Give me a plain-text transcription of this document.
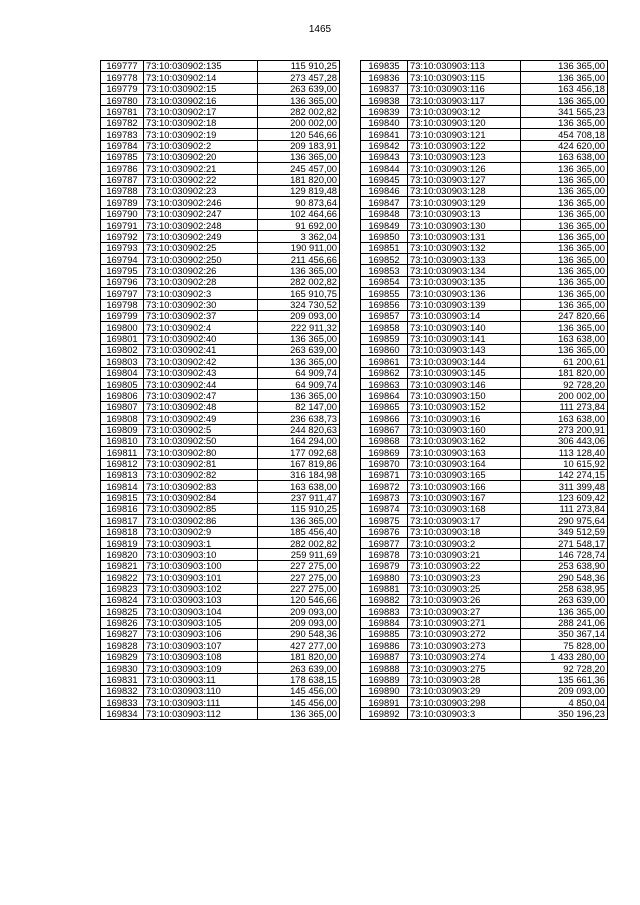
1465
169777	73:10:030902:135	115 910,25
169778	73:10:030902:14	273 457,28
169779	73:10:030902:15	263 639,00
169780	73:10:030902:16	136 365,00
169781	73:10:030902:17	282 002,82
169782	73:10:030902:18	200 002,00
169783	73:10:030902:19	120 546,66
169784	73:10:030902:2	209 183,91
169785	73:10:030902:20	136 365,00
169786	73:10:030902:21	245 457,00
169787	73:10:030902:22	181 820,00
169788	73:10:030902:23	129 819,48
169789	73:10:030902:246	90 873,64
169790	73:10:030902:247	102 464,66
169791	73:10:030902:248	91 692,00
169792	73:10:030902:249	3 362,04
169793	73:10:030902:25	190 911,00
169794	73:10:030902:250	211 456,66
169795	73:10:030902:26	136 365,00
169796	73:10:030902:28	282 002,82
169797	73:10:030902:3	165 910,75
169798	73:10:030902:30	324 730,52
169799	73:10:030902:37	209 093,00
169800	73:10:030902:4	222 911,32
169801	73:10:030902:40	136 365,00
169802	73:10:030902:41	263 639,00
169803	73:10:030902:42	136 365,00
169804	73:10:030902:43	64 909,74
169805	73:10:030902:44	64 909,74
169806	73:10:030902:47	136 365,00
169807	73:10:030902:48	82 147,00
169808	73:10:030902:49	236 638,73
169809	73:10:030902:5	244 820,63
169810	73:10:030902:50	164 294,00
169811	73:10:030902:80	177 092,68
169812	73:10:030902:81	167 819,86
169813	73:10:030902:82	316 184,98
169814	73:10:030902:83	163 638,00
169815	73:10:030902:84	237 911,47
169816	73:10:030902:85	115 910,25
169817	73:10:030902:86	136 365,00
169818	73:10:030902:9	185 456,40
169819	73:10:030903:1	282 002,82
169820	73:10:030903:10	259 911,69
169821	73:10:030903:100	227 275,00
169822	73:10:030903:101	227 275,00
169823	73:10:030903:102	227 275,00
169824	73:10:030903:103	120 546,66
169825	73:10:030903:104	209 093,00
169826	73:10:030903:105	209 093,00
169827	73:10:030903:106	290 548,36
169828	73:10:030903:107	427 277,00
169829	73:10:030903:108	181 820,00
169830	73:10:030903:109	263 639,00
169831	73:10:030903:11	178 638,15
169832	73:10:030903:110	145 456,00
169833	73:10:030903:111	145 456,00
169834	73:10:030903:112	136 365,00
169835	73:10:030903:113	136 365,00
169836	73:10:030903:115	136 365,00
169837	73:10:030903:116	163 456,18
169838	73:10:030903:117	136 365,00
169839	73:10:030903:12	341 565,23
169840	73:10:030903:120	136 365,00
169841	73:10:030903:121	454 708,18
169842	73:10:030903:122	424 620,00
169843	73:10:030903:123	163 638,00
169844	73:10:030903:126	136 365,00
169845	73:10:030903:127	136 365,00
169846	73:10:030903:128	136 365,00
169847	73:10:030903:129	136 365,00
169848	73:10:030903:13	136 365,00
169849	73:10:030903:130	136 365,00
169850	73:10:030903:131	136 365,00
169851	73:10:030903:132	136 365,00
169852	73:10:030903:133	136 365,00
169853	73:10:030903:134	136 365,00
169854	73:10:030903:135	136 365,00
169855	73:10:030903:136	136 365,00
169856	73:10:030903:139	136 365,00
169857	73:10:030903:14	247 820,66
169858	73:10:030903:140	136 365,00
169859	73:10:030903:141	163 638,00
169860	73:10:030903:143	136 365,00
169861	73:10:030903:144	61 200,61
169862	73:10:030903:145	181 820,00
169863	73:10:030903:146	92 728,20
169864	73:10:030903:150	200 002,00
169865	73:10:030903:152	111 273,84
169866	73:10:030903:16	163 638,00
169867	73:10:030903:160	273 200,91
169868	73:10:030903:162	306 443,06
169869	73:10:030903:163	113 128,40
169870	73:10:030903:164	10 615,92
169871	73:10:030903:165	142 274,15
169872	73:10:030903:166	311 399,48
169873	73:10:030903:167	123 609,42
169874	73:10:030903:168	111 273,84
169875	73:10:030903:17	290 975,64
169876	73:10:030903:18	349 512,59
169877	73:10:030903:2	271 548,17
169878	73:10:030903:21	146 728,74
169879	73:10:030903:22	253 638,90
169880	73:10:030903:23	290 548,36
169881	73:10:030903:25	258 638,95
169882	73:10:030903:26	263 639,00
169883	73:10:030903:27	136 365,00
169884	73:10:030903:271	288 241,06
169885	73:10:030903:272	350 367,14
169886	73:10:030903:273	75 828,00
169887	73:10:030903:274	1 433 280,00
169888	73:10:030903:275	92 728,20
169889	73:10:030903:28	135 661,36
169890	73:10:030903:29	209 093,00
169891	73:10:030903:298	4 850,04
169892	73:10:030903:3	350 196,23
